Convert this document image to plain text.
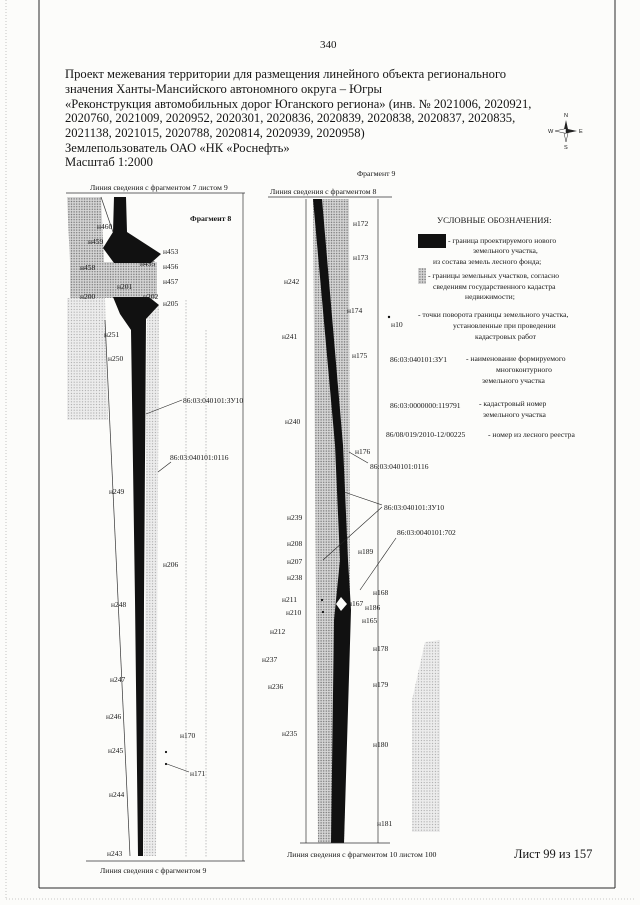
340
Проект межевания территории для размещения линейного объекта регионального
значения Ханты-Мансийского автономного округа – Югры
«Реконструкция автомобильных дорог Юганского региона» (инв. № 2021006, 2020921,
2020760, 2021009, 2020952, 2020301, 2020836, 2020839, 2020838, 2020837, 2020835,
2021138, 2021015, 2020788, 2020814, 2020939, 2020958)
Землепользователь ОАО «НК «Роснефть»
Масштаб 1:2000
N
S
W	E
Линия сведения с фрагментом 7 листом 9
Фрагмент 8
Линия сведения с фрагментом 9
86:03:040101:ЗУ10
86:03:040101:0116
н460
н459
н453
н458	н455 н456
н457
н201
н202
н200
н205
н251
н250
н249
н206
н248
н247
н246
н245
н170
н171
н244
н243
Фрагмент 9
Линия сведения с фрагментом 8
Линия сведения с фрагментом 10 листом 100
86:03:040101:0116
86:03:040101:ЗУ10
86:03:0040101:702
н172
н173
н242
н174
н241
н175
н240
н176
н239
н189
н208
н207
н238
н168
н211	н167 н186
н210
н165
н212
н237
н178
н236	н179
н235
н180
н181
УСЛОВНЫЕ ОБОЗНАЧЕНИЯ:
- граница проектируемого нового
земельного участка,
из состава земель лесного фонда;
- границы земельных участков, согласно
сведениям государственного кадастра
недвижимости;
н10
- точки поворота границы земельного участка,
установленные при проведении
кадастровых работ
86:03:040101:ЗУ1 - наименование формируемого
многоконтурного
земельного участка
86:03:0000000:119791 - кадастровый номер
земельного участка
86/08/019/2010-12/00225	- номер из лесного реестра
Лист 99 из 157
